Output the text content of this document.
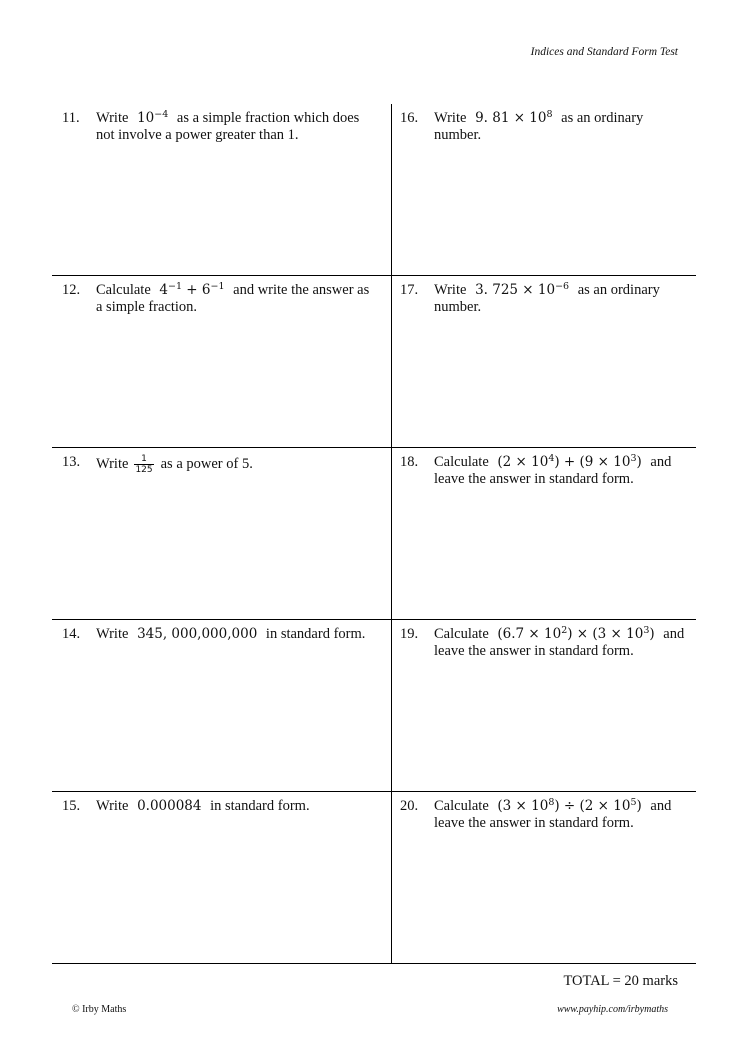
Indices and Standard Form Test
11.	Write $10^{-4}$ as a simple fraction which does not involve a power greater than 1.
16.	Write 9. $81 \times 10^8$ as an ordinary number.
12.	Calculate $4^{-1} + 6^{-1}$ and write the answer as a simple fraction.
17.	Write 3. $725 \times 10^{-6}$ as an ordinary number.
13.	Write $\frac{1}{125}$ as a power of 5.	18.	Calculate $(2 \times 10^4) + (9 \times 10^3)$ and leave the answer in standard form.
14.	Write 345, 000,000,000 in standard form.	19.	Calculate $(6.7 \times 10^2) \times (3 \times 10^3)$ and leave the answer in standard form.
15.	Write 0.000084 in standard form.	20.	Calculate $(3 \times 10^8) \div (2 \times 10^5)$ and leave the answer in standard form.
TOTAL = 20 marks
© Irby Maths	www.payhip.com/irbymaths
